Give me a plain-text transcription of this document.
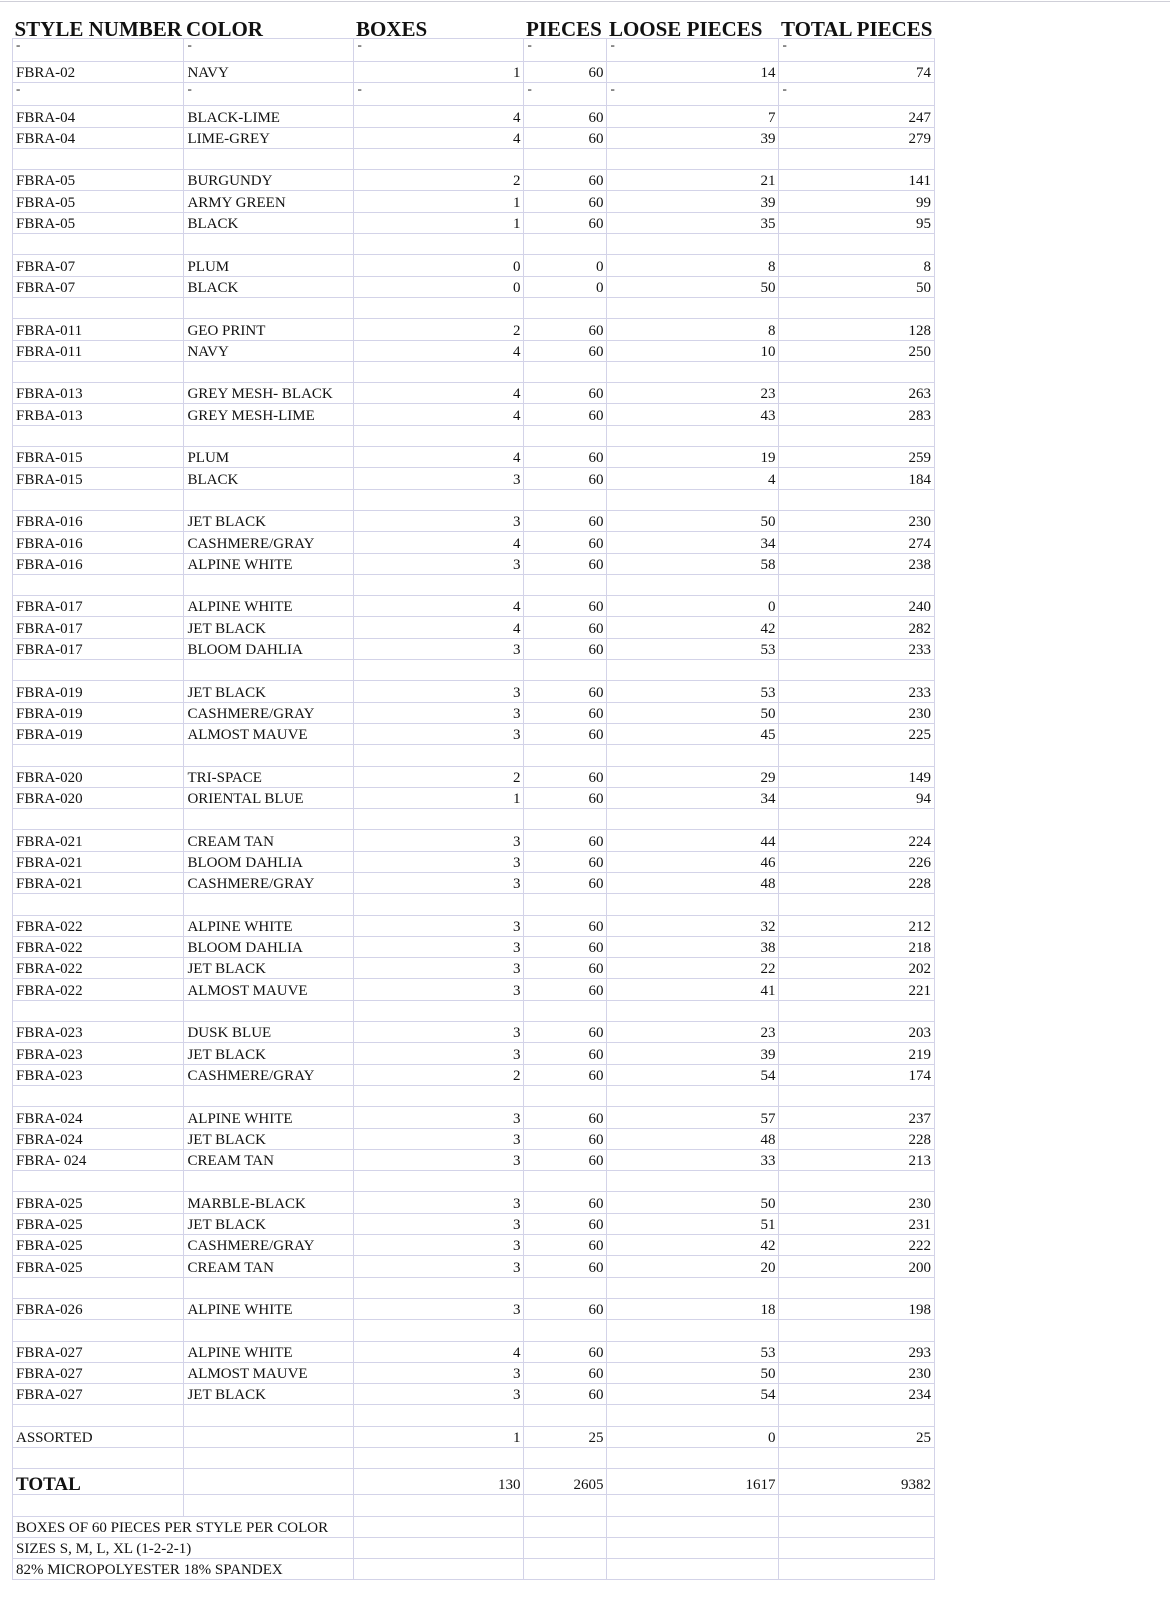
STYLE NUMBER	COLOR	BOXES	PIECES	LOOSE PIECES	TOTAL PIECES
-	-	-	-	-	-
FBRA-02	NAVY	1	60	14	74
-	-	-	-	-	-
FBRA-04	BLACK-LIME	4	60	7	247
FBRA-04	LIME-GREY	4	60	39	279

FBRA-05	BURGUNDY	2	60	21	141
FBRA-05	ARMY GREEN	1	60	39	99
FBRA-05	BLACK	1	60	35	95

FBRA-07	PLUM	0	0	8	8
FBRA-07	BLACK	0	0	50	50

FBRA-011	GEO PRINT	2	60	8	128
FBRA-011	NAVY	4	60	10	250

FBRA-013	GREY MESH- BLACK	4	60	23	263
FRBA-013	GREY MESH-LIME	4	60	43	283

FBRA-015	PLUM	4	60	19	259
FBRA-015	BLACK	3	60	4	184

FBRA-016	JET BLACK	3	60	50	230
FBRA-016	CASHMERE/GRAY	4	60	34	274
FBRA-016	ALPINE WHITE	3	60	58	238

FBRA-017	ALPINE WHITE	4	60	0	240
FBRA-017	JET BLACK	4	60	42	282
FBRA-017	BLOOM DAHLIA	3	60	53	233

FBRA-019	JET BLACK	3	60	53	233
FBRA-019	CASHMERE/GRAY	3	60	50	230
FBRA-019	ALMOST MAUVE	3	60	45	225

FBRA-020	TRI-SPACE	2	60	29	149
FBRA-020	ORIENTAL BLUE	1	60	34	94

FBRA-021	CREAM TAN	3	60	44	224
FBRA-021	BLOOM DAHLIA	3	60	46	226
FBRA-021	CASHMERE/GRAY	3	60	48	228

FBRA-022	ALPINE WHITE	3	60	32	212
FBRA-022	BLOOM DAHLIA	3	60	38	218
FBRA-022	JET BLACK	3	60	22	202
FBRA-022	ALMOST MAUVE	3	60	41	221

FBRA-023	DUSK BLUE	3	60	23	203
FBRA-023	JET BLACK	3	60	39	219
FBRA-023	CASHMERE/GRAY	2	60	54	174

FBRA-024	ALPINE WHITE	3	60	57	237
FBRA-024	JET BLACK	3	60	48	228
FBRA- 024	CREAM TAN	3	60	33	213

FBRA-025	MARBLE-BLACK	3	60	50	230
FBRA-025	JET BLACK	3	60	51	231
FBRA-025	CASHMERE/GRAY	3	60	42	222
FBRA-025	CREAM TAN	3	60	20	200

FBRA-026	ALPINE WHITE	3	60	18	198

FBRA-027	ALPINE WHITE	4	60	53	293
FBRA-027	ALMOST MAUVE	3	60	50	230
FBRA-027	JET BLACK	3	60	54	234

ASSORTED		1	25	0	25

TOTAL		130	2605	1617	9382

BOXES OF 60 PIECES PER STYLE PER COLOR					
SIZES S, M, L, XL (1-2-2-1)					
82% MICROPOLYESTER 18% SPANDEX					
